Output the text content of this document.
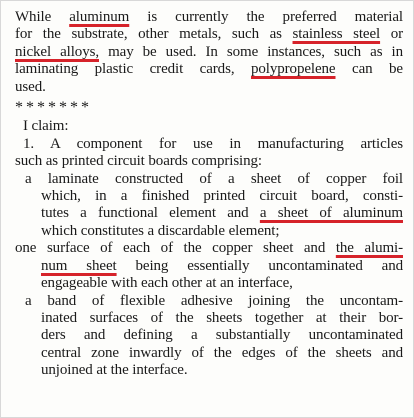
While aluminum is currently the preferred material

for the substrate, other metals, such as stainless steel or

nickel alloys, may be used. In some instances, such as in

laminating plastic credit cards, polypropelene can be

used.

*******

I claim:

1. A component for use in manufacturing articles

such as printed circuit boards comprising:

a laminate constructed of a sheet of copper foil

which, in a finished printed circuit board, consti-

tutes a functional element and a sheet of aluminum

which constitutes a discardable element;

one surface of each of the copper sheet and the alumi-

num sheet being essentially uncontaminated and

engageable with each other at an interface,

a band of flexible adhesive joining the uncontam-

inated surfaces of the sheets together at their bor-

ders and defining a substantially uncontaminated

central zone inwardly of the edges of the sheets and

unjoined at the interface.
